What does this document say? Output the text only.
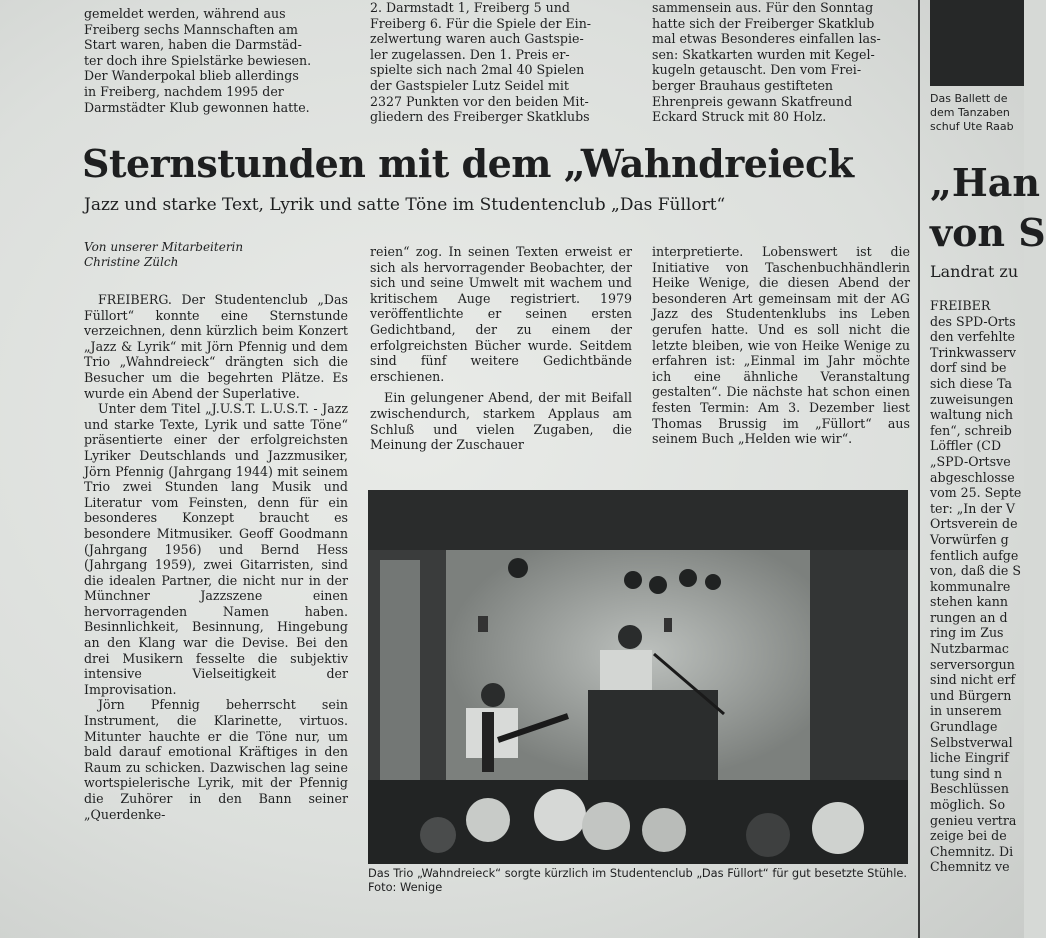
gemeldet werden, während aus

Freiberg sechs Mannschaften am

Start waren, haben die Darmstäd-

ter doch ihre Spielstärke bewiesen.

Der Wanderpokal blieb allerdings

in Freiberg, nachdem 1995 der

Darmstädter Klub gewonnen hatte.

2. Darmstadt 1, Freiberg 5 und

Freiberg 6. Für die Spiele der Ein-

zelwertung waren auch Gastspie-

ler zugelassen. Den 1. Preis er-

spielte sich nach 2mal 40 Spielen

der Gastspieler Lutz Seidel mit

2327 Punkten vor den beiden Mit-

gliedern des Freiberger Skatklubs

sammensein aus. Für den Sonntag

hatte sich der Freiberger Skatklub

mal etwas Besonderes einfallen las-

sen: Skatkarten wurden mit Kegel-

kugeln getauscht. Den vom Frei-

berger Brauhaus gestifteten

Ehrenpreis gewann Skatfreund

Eckard Struck mit 80 Holz.

Sternstunden mit dem „Wahndreieck
Jazz und starke Text, Lyrik und satte Töne im Studentenclub „Das Füllort“
Von unserer Mitarbeiterin
Christine Zülch

FREIBERG. Der Studentenclub „Das Füllort“ konnte eine Sternstunde verzeichnen, denn kürzlich beim Konzert „Jazz & Lyrik“ mit Jörn Pfennig und dem Trio „Wahndreieck“ drängten sich die Besucher um die begehrten Plätze. Es wurde ein Abend der Superlative.

Unter dem Titel „J.U.S.T. L.U.S.T. - Jazz und starke Texte, Lyrik und satte Töne“ präsentierte einer der erfolgreichsten Lyriker Deutschlands und Jazzmusiker, Jörn Pfennig (Jahrgang 1944) mit seinem Trio zwei Stunden lang Musik und Literatur vom Feinsten, denn für ein besonderes Konzept braucht es besondere Mitmusiker. Geoff Goodmann (Jahrgang 1956) und Bernd Hess (Jahrgang 1959), zwei Gitarristen, sind die idealen Partner, die nicht nur in der Münchner Jazzszene einen hervorragenden Namen haben. Besinnlichkeit, Besinnung, Hingebung an den Klang war die Devise. Bei den drei Musikern fesselte die subjektiv intensive Vielseitigkeit der Improvisation.

Jörn Pfennig beherrscht sein Instrument, die Klarinette, virtuos. Mitunter hauchte er die Töne nur, um bald darauf emotional Kräftiges in den Raum zu schicken. Dazwischen lag seine wortspielerische Lyrik, mit der Pfennig die Zuhörer in den Bann seiner „Querdenke-

reien“ zog. In seinen Texten erweist er sich als hervorragender Beobachter, der sich und seine Umwelt mit wachem und kritischem Auge registriert. 1979 veröffentlichte er seinen ersten Gedichtband, der zu einem der erfolgreichsten Bücher wurde. Seitdem sind fünf weitere Gedichtbände erschienen.

Ein gelungener Abend, der mit Beifall zwischendurch, starkem Applaus am Schluß und vielen Zugaben, die Meinung der Zuschauer

interpretierte. Lobenswert ist die Initiative von Taschenbuchhändlerin Heike Wenige, die diesen Abend der besonderen Art gemeinsam mit der AG Jazz des Studentenklubs ins Leben gerufen hatte. Und es soll nicht die letzte bleiben, wie von Heike Wenige zu erfahren ist: „Einmal im Jahr möchte ich eine ähnliche Veranstaltung gestalten“. Die nächste hat schon einen festen Termin: Am 3. Dezember liest Thomas Brussig im „Füllort“ aus seinem Buch „Helden wie wir“.

Das Trio „Wahndreieck“ sorgte kürzlich im Studentenclub „Das Füllort“ für gut besetzte Stühle. Foto: Wenige
Das Ballett de
dem Tanzaben
schuf Ute Raab
„Han
von S
Landrat zu

FREIBER

des SPD-Orts

den verfehlte

Trinkwasserv

dorf sind be

sich diese Ta

zuweisungen

waltung nich

fen“, schreib

Löffler (CD

„SPD-Ortsve

abgeschlosse

vom 25. Septe

ter: „In der V

Ortsverein de

Vorwürfen g

fentlich aufge

von, daß die S

kommunalre

stehen kann

rungen an d

ring im Zus

Nutzbarmac

serversorgun

sind nicht erf

und Bürgern

in unserem

Grundlage

Selbstverwal

liche Eingrif

tung sind n

Beschlüssen

möglich. So

genieu vertra

zeige bei de

Chemnitz. Di

Chemnitz ve
